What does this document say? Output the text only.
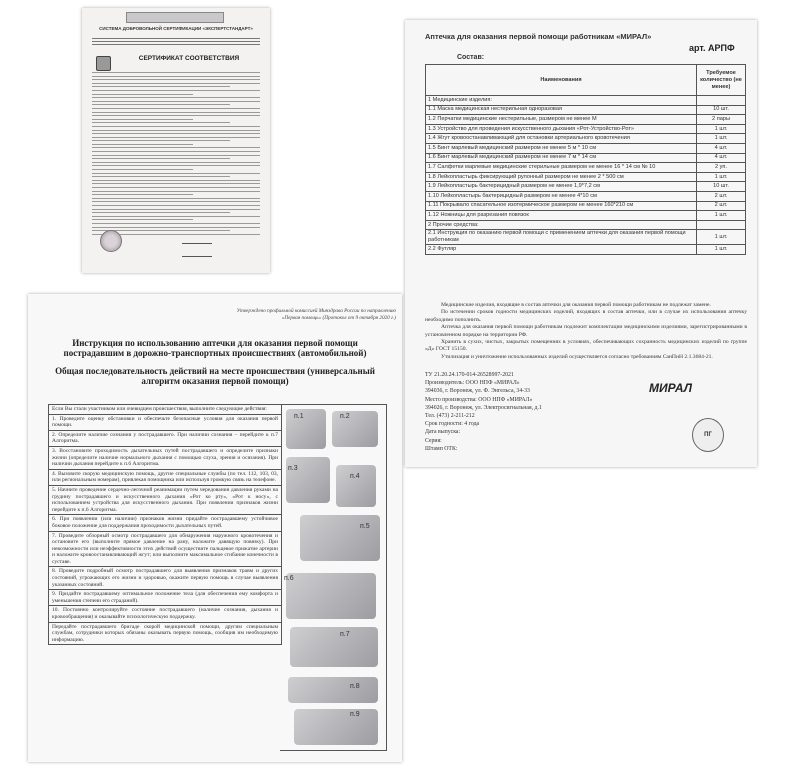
СИСТЕМА ДОБРОВОЛЬНОЙ СЕРТИФИКАЦИИ «ЭКСПЕРТСТАНДАРТ»
СЕРТИФИКАТ СООТВЕТСТВИЯ
Аптечка для оказания первой помощи работникам «МИРАЛ»
арт. АРПФ
Состав:
Наименования	Требуемое количество (не менее)
1 Медицинские изделия:	
1.1 Маска медицинская нестерильная одноразовая	10 шт.
1.2 Перчатки медицинские нестерильные, размером не менее М	2 пары
1.3 Устройство для проведения искусственного дыхания «Рот-Устройство-Рот»	1 шт.
1.4 Жгут кровоостанавливающий для остановки артериального кровотечения	1 шт.
1.5 Бинт марлевый медицинский размером не менее 5 м * 10 см	4 шт.
1.6 Бинт марлевый медицинский размером не менее 7 м * 14 см	4 шт.
1.7 Салфетки марлевые медицинские стерильные размером не менее 16 * 14 см № 10	2 уп.
1.8 Лейкопластырь фиксирующий рулонный размером не менее 2 * 500 см	1 шт.
1.9 Лейкопластырь бактерицидный размером не менее 1,9*7,2 см	10 шт.
1.10 Лейкопластырь бактерицидный размером не менее 4*10 см	2 шт.
1.11 Покрывало спасательное изотермическое размером не менее 160*210 см	2 шт.
1.12 Ножницы для разрезания повязок	1 шт.
2 Прочие средства:	
2.1 Инструкция по оказанию первой помощи с применением аптечки для оказания первой помощи работникам	1 шт.
2.2 Футляр	1 шт.

Медицинские изделия, входящие в состав аптечки для оказания первой помощи работникам не подлежат замене.

По истечении сроков годности медицинских изделий, входящих в состав аптечки, или в случае их использования аптечку необходимо пополнить.

Аптечка для оказания первой помощи работникам подлежит комплектации медицинскими изделиями, зарегистрированными в установленном порядке на территории РФ.

Хранить в сухих, чистых, закрытых помещениях в условиях, обеспечивающих сохранность медицинских изделий по группе «Д» ГОСТ 15150.

Утилизация и уничтожение использованных изделий осуществляется согласно требованиям СанПиН 2.1.3684-21.

ТУ 21.20.24.170-014-26528997-2021
Производитель: ООО НПФ «МИРАЛ»
394036, г. Воронеж, ул. Ф. Энгельса, 34-33
Место производства: ООО НПФ «МИРАЛ»
394026, г. Воронеж, ул. Электросигнальная, д.1
Тел. (473) 2-211-212
Срок годности: 4 года
Дата выпуска:
Серия:
Штамп ОТК:
МИРАЛ
ПГ
Утверждено профильной комиссией Минздрава России по направлению «Первая помощь» (Протокол от 9 октября 2020 г.)
Инструкция по использованию аптечки для оказания первой помощи пострадавшим в дорожно-транспортных происшествиях (автомобильной)
Общая последовательность действий на месте происшествия (универсальный алгоритм оказания первой помощи)
Если Вы стали участником или очевидцем происшествия, выполните следующие действия:
1. Проведите оценку обстановки и обеспечьте безопасные условия для оказания первой помощи.
2. Определите наличие сознания у пострадавшего. При наличии сознания – перейдите к п.7 Алгоритма.
3. Восстановите проходимость дыхательных путей пострадавшего и определите признаки жизни (определите наличие нормального дыхания с помощью слуха, зрения и осязания). При наличии дыхания перейдите к п.6 Алгоритма.
4. Вызовите скорую медицинскую помощь, другие специальные службы (по тел. 112, 103, 03, или региональным номерам), привлекая помощника или используя громкую связь на телефоне.
5. Начните проведение сердечно-легочной реанимации путем чередования давления руками на грудину пострадавшего и искусственного дыхания «Рот ко рту», «Рот к носу», с использованием устройства для искусственного дыхания. При появлении признаков жизни перейдите к п.6 Алгоритма.
6. При появлении (или наличии) признаков жизни придайте пострадавшему устойчивое боковое положение для поддержания проходимости дыхательных путей.
7. Проведите обзорный осмотр пострадавшего для обнаружения наружного кровотечения и остановите его (выполните прямое давление на рану, наложите давящую повязку). При невозможности или неэффективности этих действий осуществите пальцевое прижатие артерии и наложите кровоостанавливающий жгут; или выполните максимальное сгибание конечности в суставе.
8. Проведите подробный осмотр пострадавшего для выявления признаков травм и других состояний, угрожающих его жизни и здоровью, окажите первую помощь в случае выявления указанных состояний.
9. Придайте пострадавшему оптимальное положение тела (для обеспечения ему комфорта и уменьшения степени его страданий).
10. Постоянно контролируйте состояние пострадавшего (наличие сознания, дыхания и кровообращения) и оказывайте психологическую поддержку.
Передайте пострадавшего бригаде скорой медицинской помощи, другим специальным службам, сотрудники которых обязаны оказывать первую помощь, сообщив им необходимую информацию.
п.1	п.2
п.3
п.4
п.5
п.6
п.7
п.8
п.9
